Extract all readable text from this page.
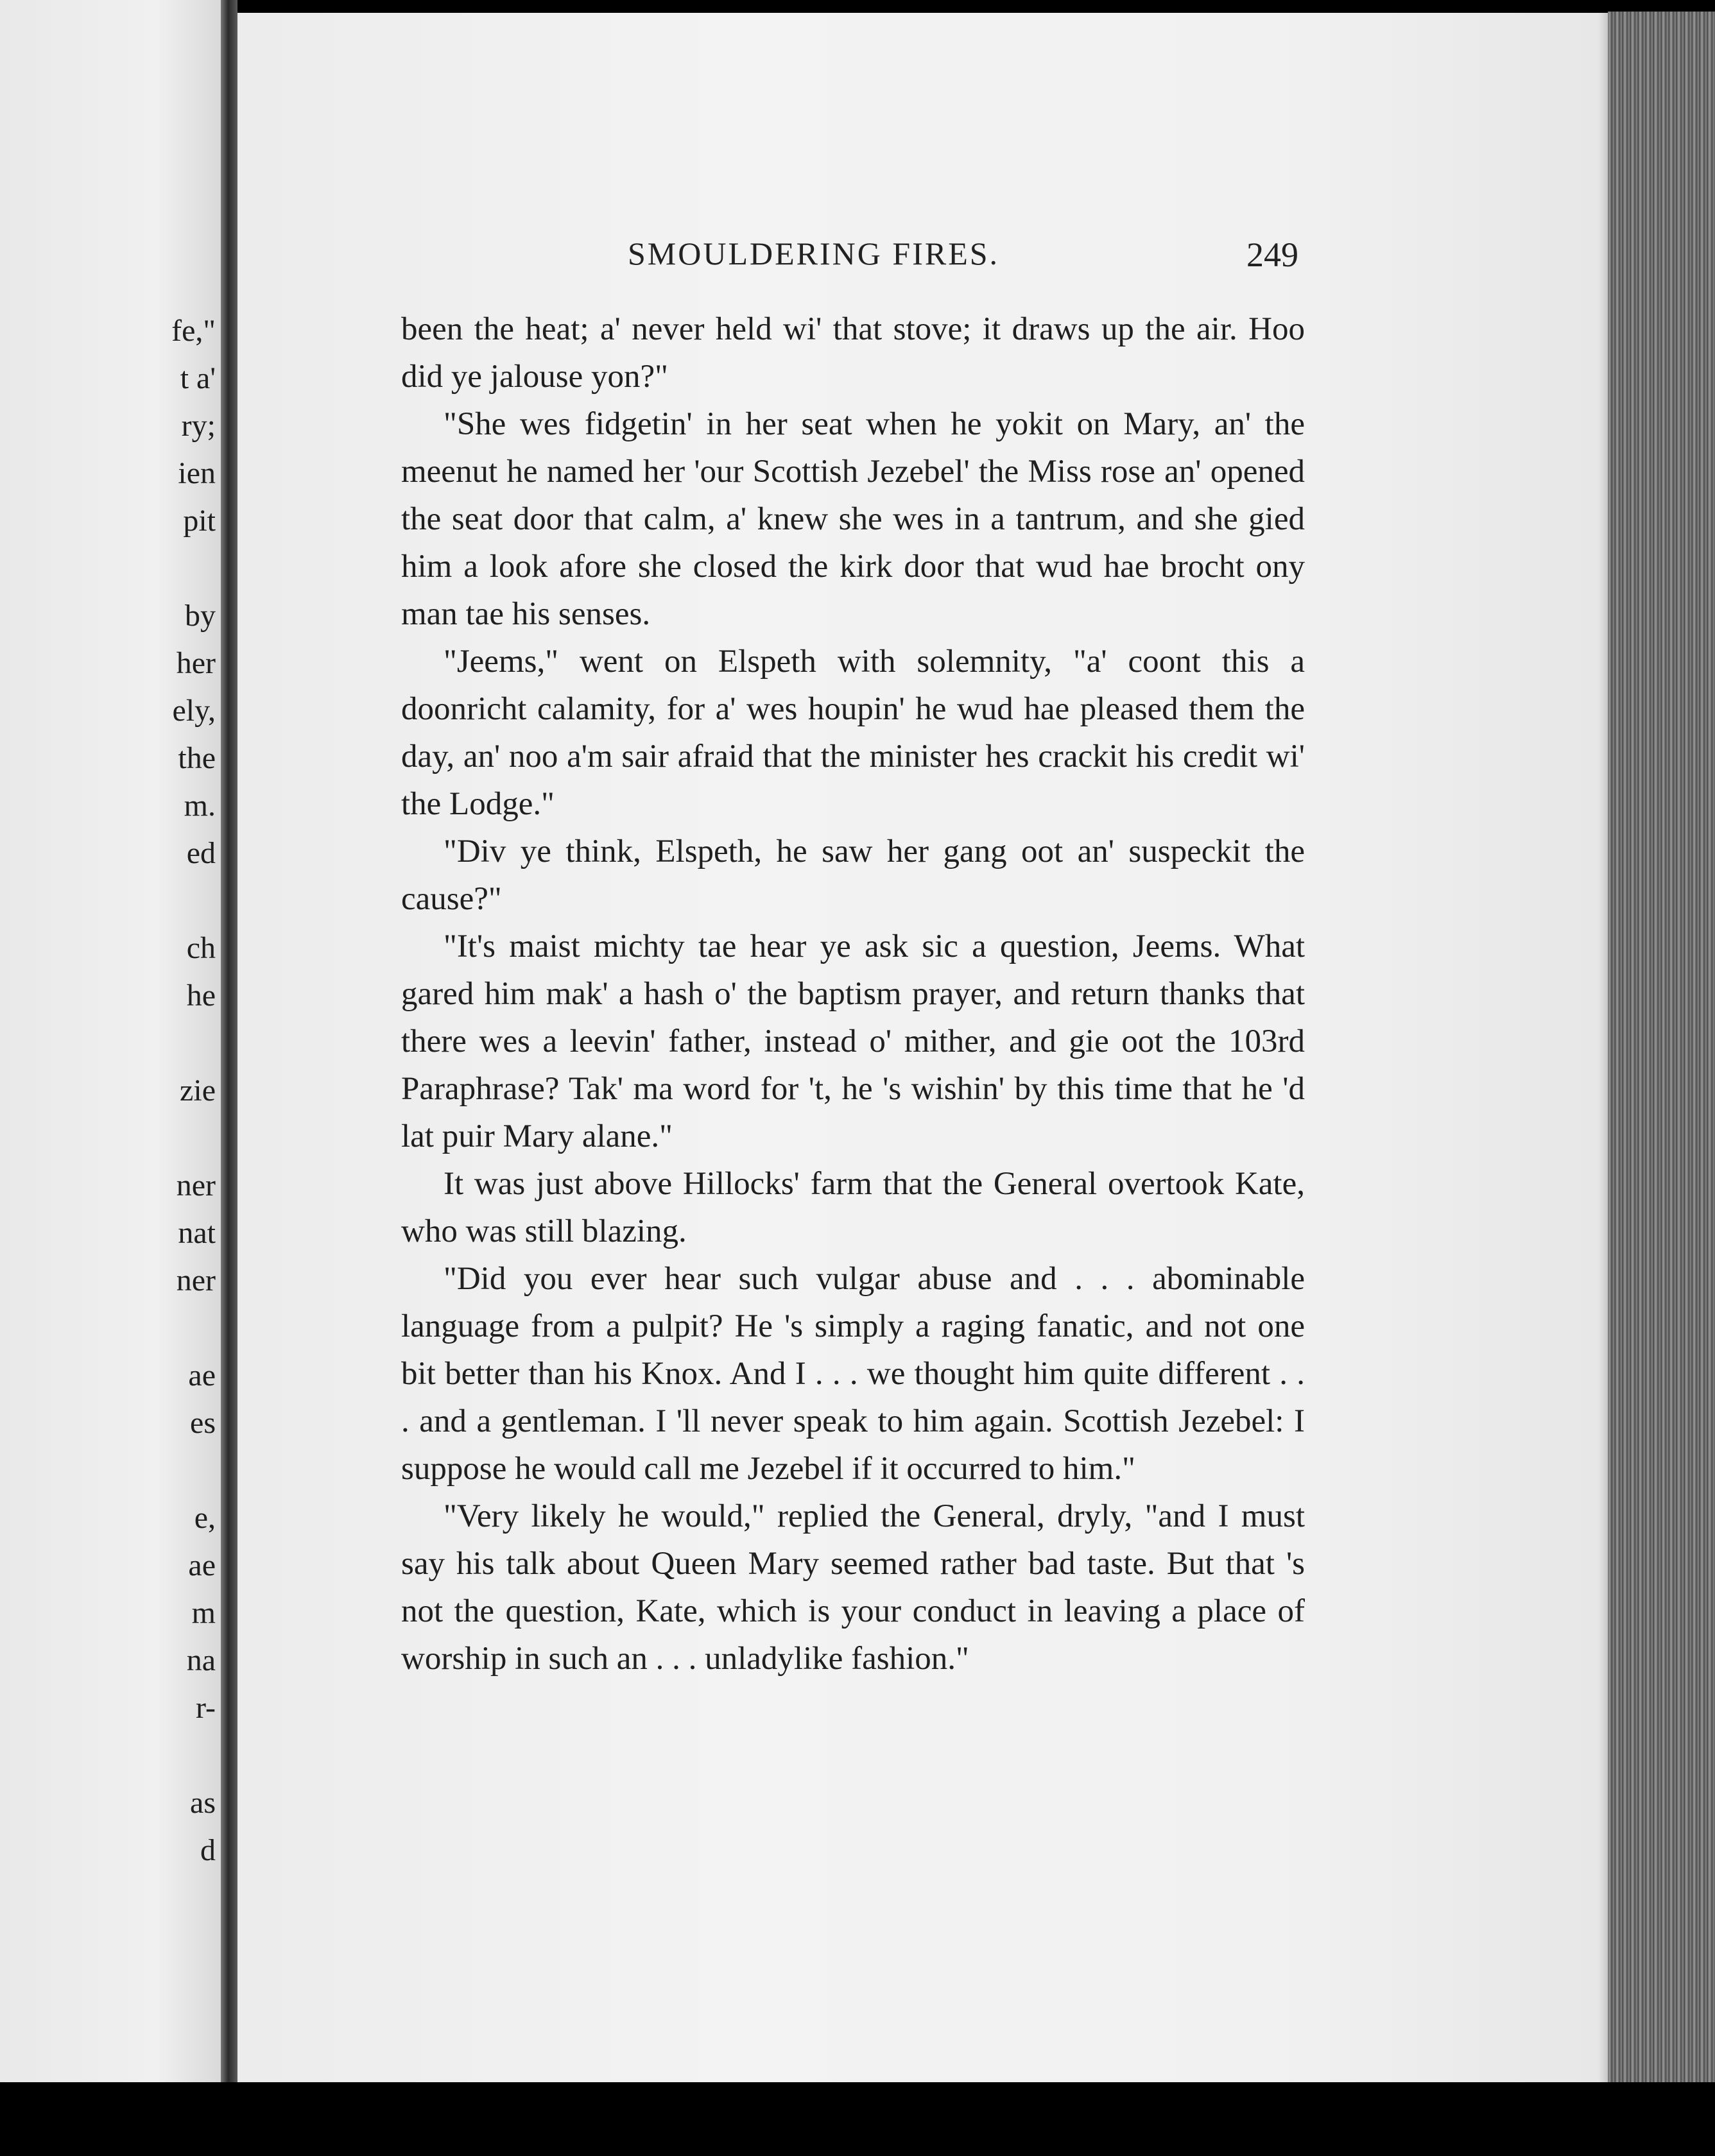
fe,"
t a'
ry;
ien
pit
by
her
ely,
the
m.
ed
ch
he
zie
ner
nat
ner
ae
es
e,
ae
m
na
r-
as
d
SMOULDERING FIRES.	249

been the heat; a' never held wi' that stove; it draws up the air. Hoo did ye jalouse yon?"

"She wes fidgetin' in her seat when he yokit on Mary, an' the meenut he named her 'our Scottish Jezebel' the Miss rose an' opened the seat door that calm, a' knew she wes in a tantrum, and she gied him a look afore she closed the kirk door that wud hae brocht ony man tae his senses.

"Jeems," went on Elspeth with solemnity, "a' coont this a doonricht calamity, for a' wes houpin' he wud hae pleased them the day, an' noo a'm sair afraid that the minister hes crackit his credit wi' the Lodge."

"Div ye think, Elspeth, he saw her gang oot an' suspeckit the cause?"

"It's maist michty tae hear ye ask sic a question, Jeems. What gared him mak' a hash o' the baptism prayer, and return thanks that there wes a leevin' father, instead o' mither, and gie oot the 103rd Paraphrase? Tak' ma word for 't, he 's wishin' by this time that he 'd lat puir Mary alane."

It was just above Hillocks' farm that the General overtook Kate, who was still blazing.

"Did you ever hear such vulgar abuse and . . . abominable language from a pulpit? He 's simply a raging fanatic, and not one bit better than his Knox. And I . . . we thought him quite different . . . and a gentleman. I 'll never speak to him again. Scottish Jezebel: I suppose he would call me Jezebel if it occurred to him."

"Very likely he would," replied the General, dryly, "and I must say his talk about Queen Mary seemed rather bad taste. But that 's not the question, Kate, which is your conduct in leaving a place of worship in such an . . . unladylike fashion."
